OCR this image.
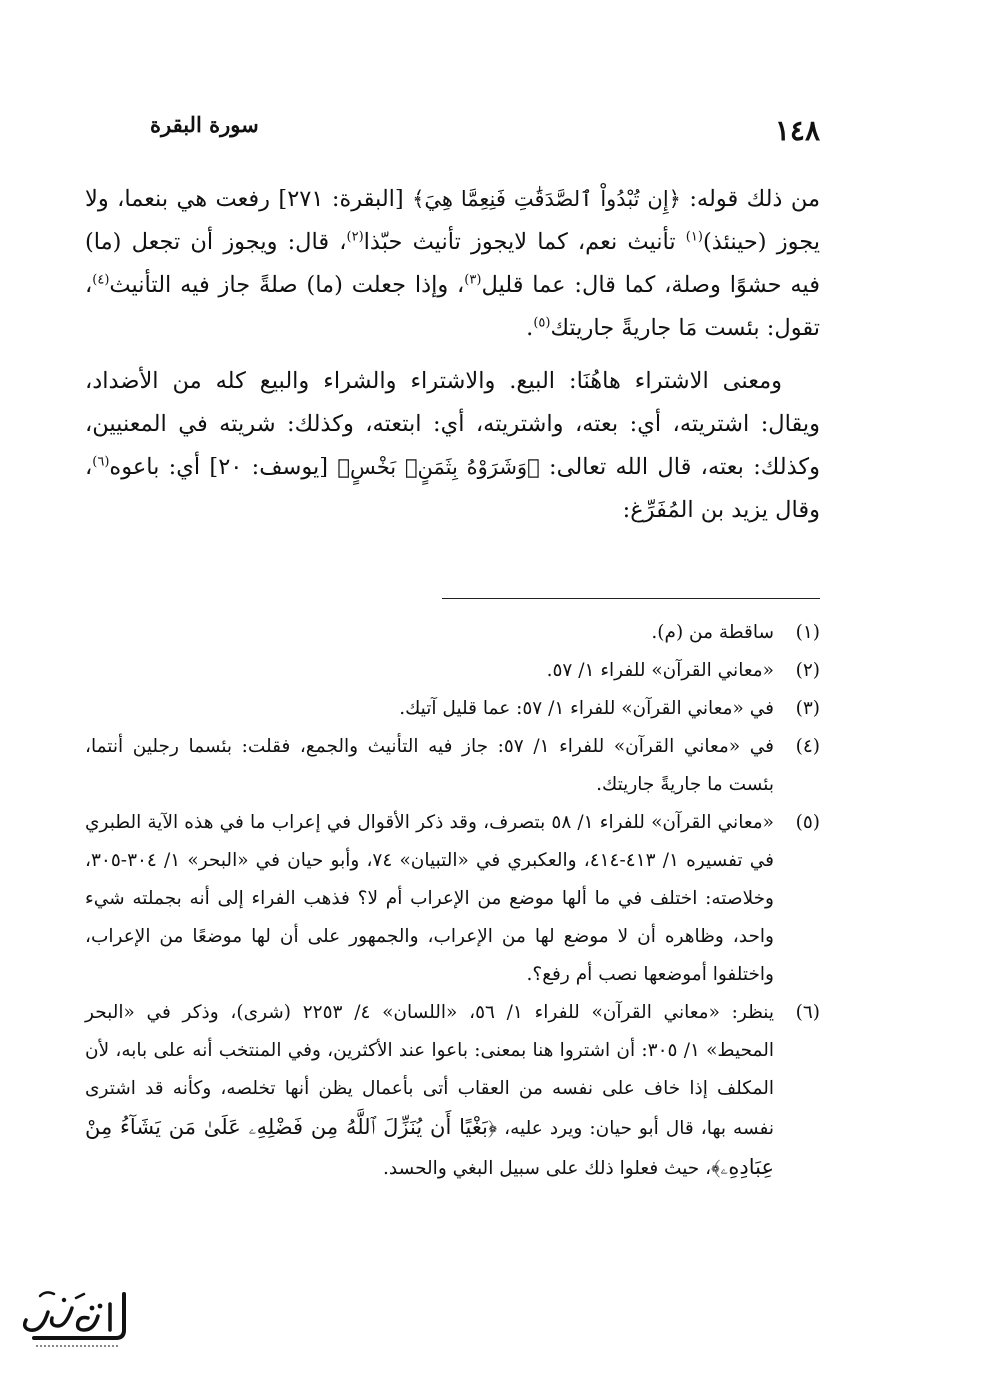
١٤٨
سورة البقرة

من ذلك قوله: ﴿إِن تُبْدُواْ ٱلصَّدَقَٰتِ فَنِعِمَّا هِيَ﴾ [البقرة: ٢٧١] رفعت هي بنعما، ولا يجوز (حينئذ)$^{(١)}$ تأنيث نعم، كما لايجوز تأنيث حبّذا$^{(٢)}$، قال: ويجوز أن تجعل (ما) فيه حشوًا وصلة، كما قال: عما قليل$^{(٣)}$، وإذا جعلت (ما) صلةً جاز فيه التأنيث$^{(٤)}$، تقول: بئست مَا جاريةً جاريتك$^{(٥)}$.

ومعنى الاشتراء هاهُنَا: البيع. والاشتراء والشراء والبيع كله من الأضداد، ويقال: اشتريته، أي: بعته، واشتريته، أي: ابتعته، وكذلك: شريته في المعنيين، وكذلك: بعته، قال الله تعالى: ﴿وَشَرَوْهُ بِثَمَنٍۭ بَخْسٍ﴾ [يوسف: ٢٠] أي: باعوه$^{(٦)}$، وقال يزيد بن المُفَرِّغ:

(١)
ساقطة من (م).
(٢)
«معاني القرآن» للفراء ١/ ٥٧.
(٣)
في «معاني القرآن» للفراء ١/ ٥٧: عما قليل آتيك.
(٤)
في «معاني القرآن» للفراء ١/ ٥٧: جاز فيه التأنيث والجمع، فقلت: بئسما رجلين أنتما، بئست ما جاريةً جاريتك.
(٥)
«معاني القرآن» للفراء ١/ ٥٨ بتصرف، وقد ذكر الأقوال في إعراب ما في هذه الآية الطبري في تفسيره ١/ ٤١٣-٤١٤، والعكبري في «التبيان» ٧٤، وأبو حيان في «البحر» ١/ ٣٠٤-٣٠٥، وخلاصته: اختلف في ما ألها موضع من الإعراب أم لا؟ فذهب الفراء إلى أنه بجملته شيء واحد، وظاهره أن لا موضع لها من الإعراب، والجمهور على أن لها موضعًا من الإعراب، واختلفوا أموضعها نصب أم رفع؟.
(٦)
ينظر: «معاني القرآن» للفراء ١/ ٥٦، «اللسان» ٤/ ٢٢٥٣ (شرى)، وذكر في «البحر المحيط» ١/ ٣٠٥: أن اشتروا هنا بمعنى: باعوا عند الأكثرين، وفي المنتخب أنه على بابه، لأن المكلف إذا خاف على نفسه من العقاب أتى بأعمال يظن أنها تخلصه، وكأنه قد اشترى نفسه بها، قال أبو حيان: ويرد عليه، ﴿بَغْيًا أَن يُنَزِّلَ ٱللَّهُ مِن فَضْلِهِۦ عَلَىٰ مَن يَشَآءُ مِنْ عِبَادِهِۦ﴾، حيث فعلوا ذلك على سبيل البغي والحسد.
